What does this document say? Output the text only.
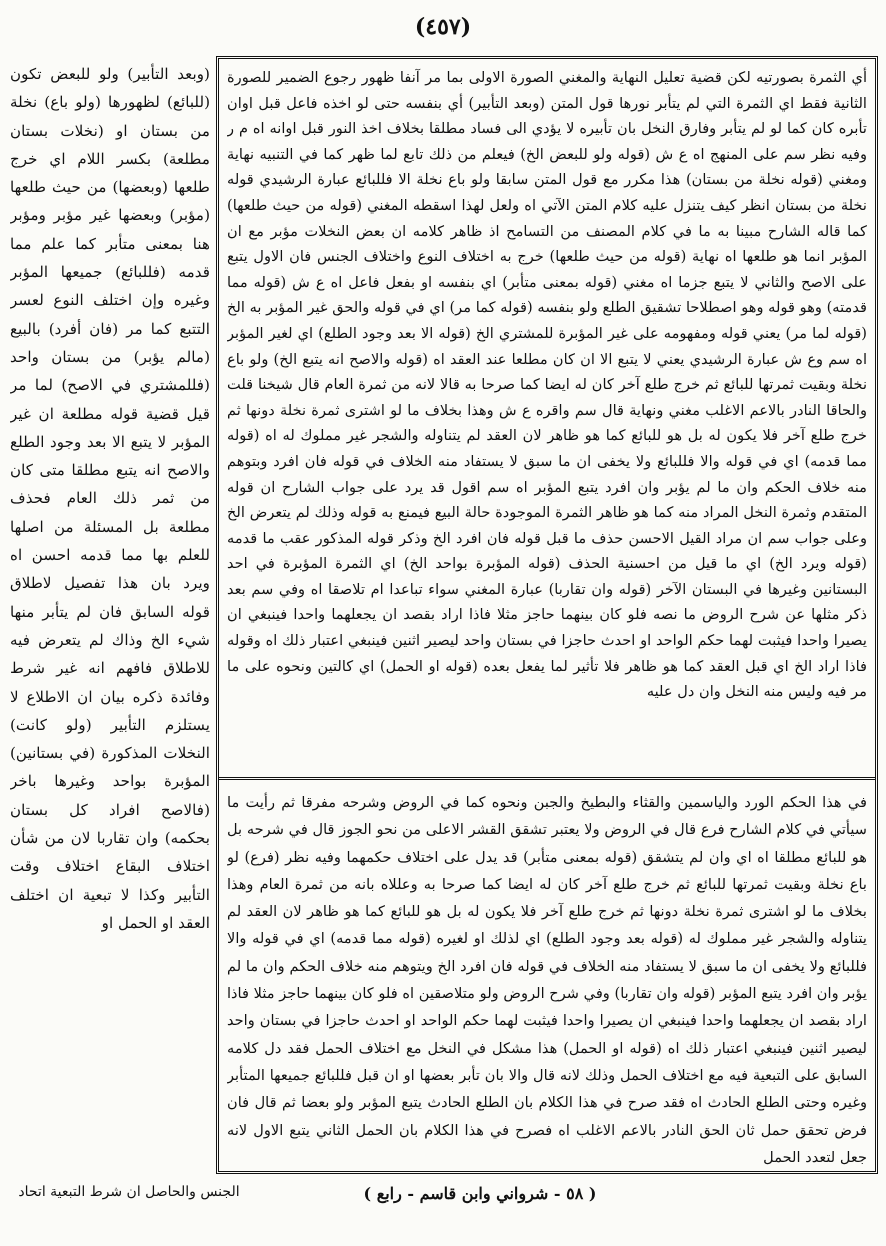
(٤٥٧)

(وبعد التأبير) ولو للبعض تكون (للبائع) لظهورها (ولو باع) نخلة من بستان او (نخلات بستان مطلعة) بكسر اللام اي خرج طلعها (وبعضها) من حيث طلعها (مؤبر) وبعضها غير مؤبر ومؤبر هنا بمعنى متأبر كما علم مما قدمه (فللبائع) جميعها المؤبر وغيره وإن اختلف النوع لعسر التتبع كما مر (فان أفرد) بالبيع (مالم يؤبر) من بستان واحد (فللمشتري في الاصح) لما مر قيل قضية قوله مطلعة ان غير المؤبر لا يتبع الا بعد وجود الطلع والاصح انه يتبع مطلقا متى كان من ثمر ذلك العام فحذف مطلعة بل المسئلة من اصلها للعلم بها مما قدمه احسن اه ويرد بان هذا تفصيل لاطلاق قوله السابق فان لم يتأبر منها شيء الخ وذاك لم يتعرض فيه للاطلاق فافهم انه غير شرط وفائدة ذكره بيان ان الاطلاع لا يستلزم التأبير (ولو كانت) النخلات المذكورة (في بستانين) المؤبرة بواحد وغيرها باخر (فالاصح افراد كل بستان بحكمه) وان تقاربا لان من شأن اختلاف البقاع اختلاف وقت التأبير وكذا لا تبعية ان اختلف العقد او الحمل او

أي الثمرة بصورتيه لكن قضية تعليل النهاية والمغني الصورة الاولى بما مر آنفا ظهور رجوع الضمير للصورة الثانية فقط اي الثمرة التي لم يتأبر نورها قول المتن (وبعد التأبير) أي بنفسه حتى لو اخذه فاعل قبل اوان تأبره كان كما لو لم يتأبر وفارق النخل بان تأبيره لا يؤدي الى فساد مطلقا بخلاف اخذ النور قبل اوانه اه م ر وفيه نظر سم على المنهج اه ع ش (قوله ولو للبعض الخ) فيعلم من ذلك تابع لما ظهر كما في التنبيه نهاية ومغني (قوله نخلة من بستان) هذا مكرر مع قول المتن سابقا ولو باع نخلة الا فللبائع عبارة الرشيدي قوله نخلة من بستان انظر كيف يتنزل عليه كلام المتن الآتي اه ولعل لهذا اسقطه المغني (قوله من حيث طلعها) كما قاله الشارح مبينا به ما في كلام المصنف من التسامح اذ ظاهر كلامه ان بعض النخلات مؤبر مع ان المؤبر انما هو طلعها اه نهاية (قوله من حيث طلعها) خرج به اختلاف النوع واختلاف الجنس فان الاول يتبع على الاصح والثاني لا يتبع جزما اه مغني (قوله بمعنى متأبر) اي بنفسه او بفعل فاعل اه ع ش (قوله مما قدمته) وهو قوله وهو اصطلاحا تشقيق الطلع ولو بنفسه (قوله كما مر) اي في قوله والحق غير المؤبر به الخ (قوله لما مر) يعني قوله ومفهومه على غير المؤبرة للمشتري الخ (قوله الا بعد وجود الطلع) اي لغير المؤبر اه سم وع ش عبارة الرشيدي يعني لا يتبع الا ان كان مطلعا عند العقد اه (قوله والاصح انه يتبع الخ) ولو باع نخلة وبقيت ثمرتها للبائع ثم خرج طلع آخر كان له ايضا كما صرحا به قالا لانه من ثمرة العام قال شيخنا قلت والحاقا النادر بالاعم الاغلب مغني ونهاية قال سم واقره ع ش وهذا بخلاف ما لو اشترى ثمرة نخلة دونها ثم خرج طلع آخر فلا يكون له بل هو للبائع كما هو ظاهر لان العقد لم يتناوله والشجر غير مملوك له اه (قوله مما قدمه) اي في قوله والا فللبائع ولا يخفى ان ما سبق لا يستفاد منه الخلاف في قوله فان افرد وبتوهم منه خلاف الحكم وان ما لم يؤبر وان افرد يتبع المؤبر اه سم اقول قد يرد على جواب الشارح ان قوله المتقدم وثمرة النخل المراد منه كما هو ظاهر الثمرة الموجودة حالة البيع فيمنع به قوله وذلك لم يتعرض الخ وعلى جواب سم ان مراد القيل الاحسن حذف ما قبل قوله فان افرد الخ وذكر قوله المذكور عقب ما قدمه (قوله ويرد الخ) اي ما قيل من احسنية الحذف (قوله المؤبرة بواحد الخ) اي الثمرة المؤبرة في احد البستانين وغيرها في البستان الآخر (قوله وان تقاربا) عبارة المغني سواء تباعدا ام تلاصقا اه وفي سم بعد ذكر مثلها عن شرح الروض ما نصه فلو كان بينهما حاجز مثلا فاذا اراد بقصد ان يجعلهما واحدا فينبغي ان يصيرا واحدا فيثبت لهما حكم الواحد او احدث حاجزا في بستان واحد ليصير اثنين فينبغي اعتبار ذلك اه وقوله فاذا اراد الخ اي قبل العقد كما هو ظاهر فلا تأثير لما يفعل بعده (قوله او الحمل) اي كالتين ونحوه على ما مر فيه وليس منه النخل وان دل عليه

في هذا الحكم الورد والياسمين والقثاء والبطيخ والجبن ونحوه كما في الروض وشرحه مفرقا ثم رأيت ما سيأتي في كلام الشارح فرع قال في الروض ولا يعتبر تشقق القشر الاعلى من نحو الجوز قال في شرحه بل هو للبائع مطلقا اه اي وان لم يتشقق (قوله بمعنى متأبر) قد يدل على اختلاف حكمهما وفيه نظر (فرع) لو باع نخلة وبقيت ثمرتها للبائع ثم خرج طلع آخر كان له ايضا كما صرحا به وعللاه بانه من ثمرة العام وهذا بخلاف ما لو اشترى ثمرة نخلة دونها ثم خرج طلع آخر فلا يكون له بل هو للبائع كما هو ظاهر لان العقد لم يتناوله والشجر غير مملوك له (قوله بعد وجود الطلع) اي لذلك او لغيره (قوله مما قدمه) اي في قوله والا فللبائع ولا يخفى ان ما سبق لا يستفاد منه الخلاف في قوله فان افرد الخ ويتوهم منه خلاف الحكم وان ما لم يؤبر وان افرد يتبع المؤبر (قوله وان تقاربا) وفي شرح الروض ولو متلاصقين اه فلو كان بينهما حاجز مثلا فاذا اراد بقصد ان يجعلهما واحدا فينبغي ان يصيرا واحدا فيثبت لهما حكم الواحد او احدث حاجزا في بستان واحد ليصير اثنين فينبغي اعتبار ذلك اه (قوله او الحمل) هذا مشكل في النخل مع اختلاف الحمل فقد دل كلامه السابق على التبعية فيه مع اختلاف الحمل وذلك لانه قال والا بان تأبر بعضها او ان قبل فللبائع جميعها المتأبر وغيره وحتى الطلع الحادث اه فقد صرح في هذا الكلام بان الطلع الحادث يتبع المؤبر ولو بعضا ثم قال فان فرض تحقق حمل ثان الحق النادر بالاعم الاغلب اه فصرح في هذا الكلام بان الحمل الثاني يتبع الاول لانه جعل لتعدد الحمل

الجنس والحاصل ان شرط التبعية اتحاد	( ٥٨ - شرواني وابن قاسم - رابع )
